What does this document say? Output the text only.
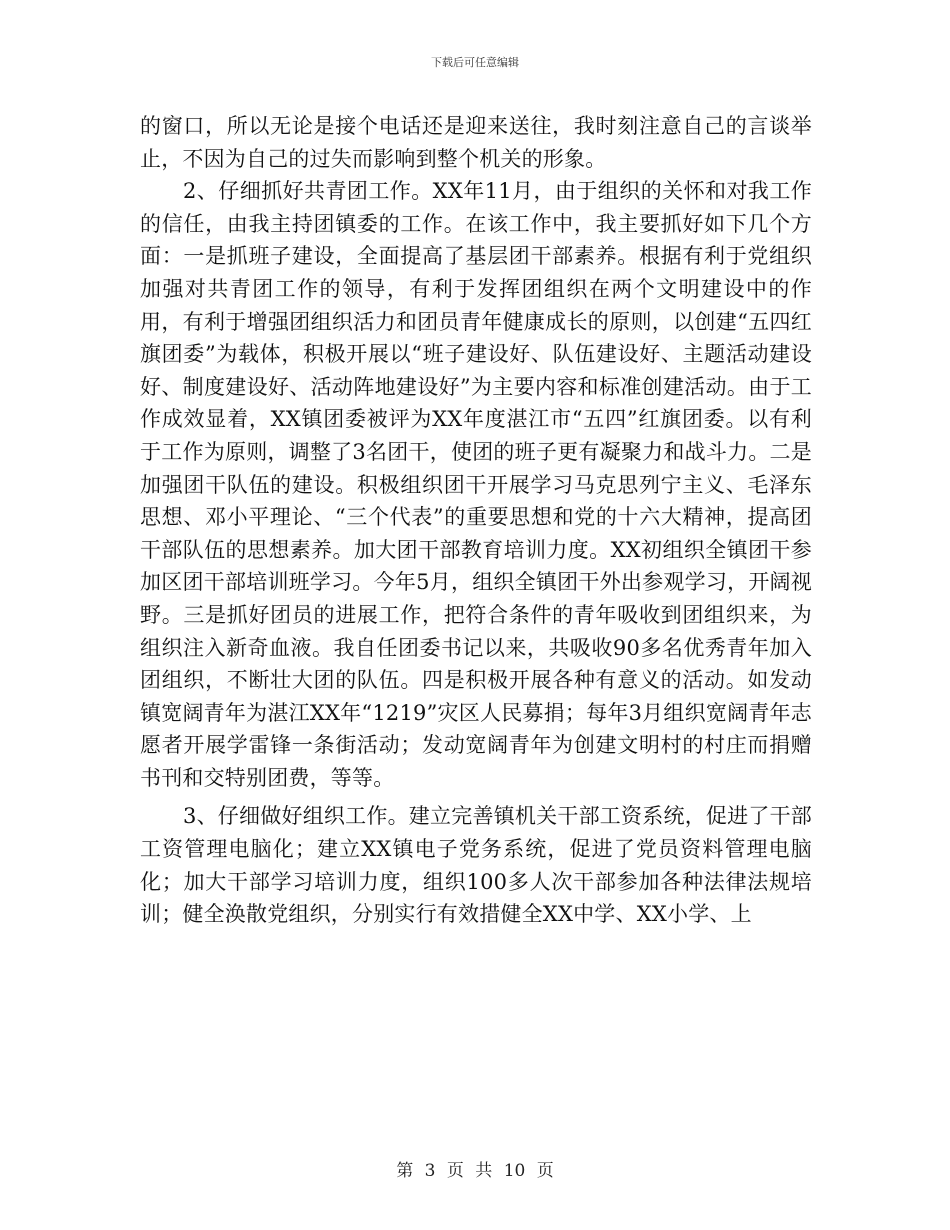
下载后可任意编辑

的窗口，所以无论是接个电话还是迎来送往，我时刻注意自己的言谈举止，不因为自己的过失而影响到整个机关的形象。

2、仔细抓好共青团工作。XX年11月，由于组织的关怀和对我工作的信任，由我主持团镇委的工作。在该工作中，我主要抓好如下几个方面：一是抓班子建设，全面提高了基层团干部素养。根据有利于党组织加强对共青团工作的领导，有利于发挥团组织在两个文明建设中的作用，有利于增强团组织活力和团员青年健康成长的原则，以创建“五四红旗团委”为载体，积极开展以“班子建设好、队伍建设好、主题活动建设好、制度建设好、活动阵地建设好”为主要内容和标准创建活动。由于工作成效显着，XX镇团委被评为XX年度湛江市“五四”红旗团委。以有利于工作为原则，调整了3名团干，使团的班子更有凝聚力和战斗力。二是加强团干队伍的建设。积极组织团干开展学习马克思列宁主义、毛泽东思想、邓小平理论、“三个代表”的重要思想和党的十六大精神，提高团干部队伍的思想素养。加大团干部教育培训力度。XX初组织全镇团干参加区团干部培训班学习。今年5月，组织全镇团干外出参观学习，开阔视野。三是抓好团员的进展工作，把符合条件的青年吸收到团组织来，为组织注入新奇血液。我自任团委书记以来，共吸收90多名优秀青年加入团组织，不断壮大团的队伍。四是积极开展各种有意义的活动。如发动镇宽阔青年为湛江XX年“1219”灾区人民募捐；每年3月组织宽阔青年志愿者开展学雷锋一条街活动；发动宽阔青年为创建文明村的村庄而捐赠书刊和交特别团费，等等。

3、仔细做好组织工作。建立完善镇机关干部工资系统，促进了干部工资管理电脑化；建立XX镇电子党务系统，促进了党员资料管理电脑化；加大干部学习培训力度，组织100多人次干部参加各种法律法规培训；健全涣散党组织，分别实行有效措健全XX中学、XX小学、上

第 3 页 共 10 页
